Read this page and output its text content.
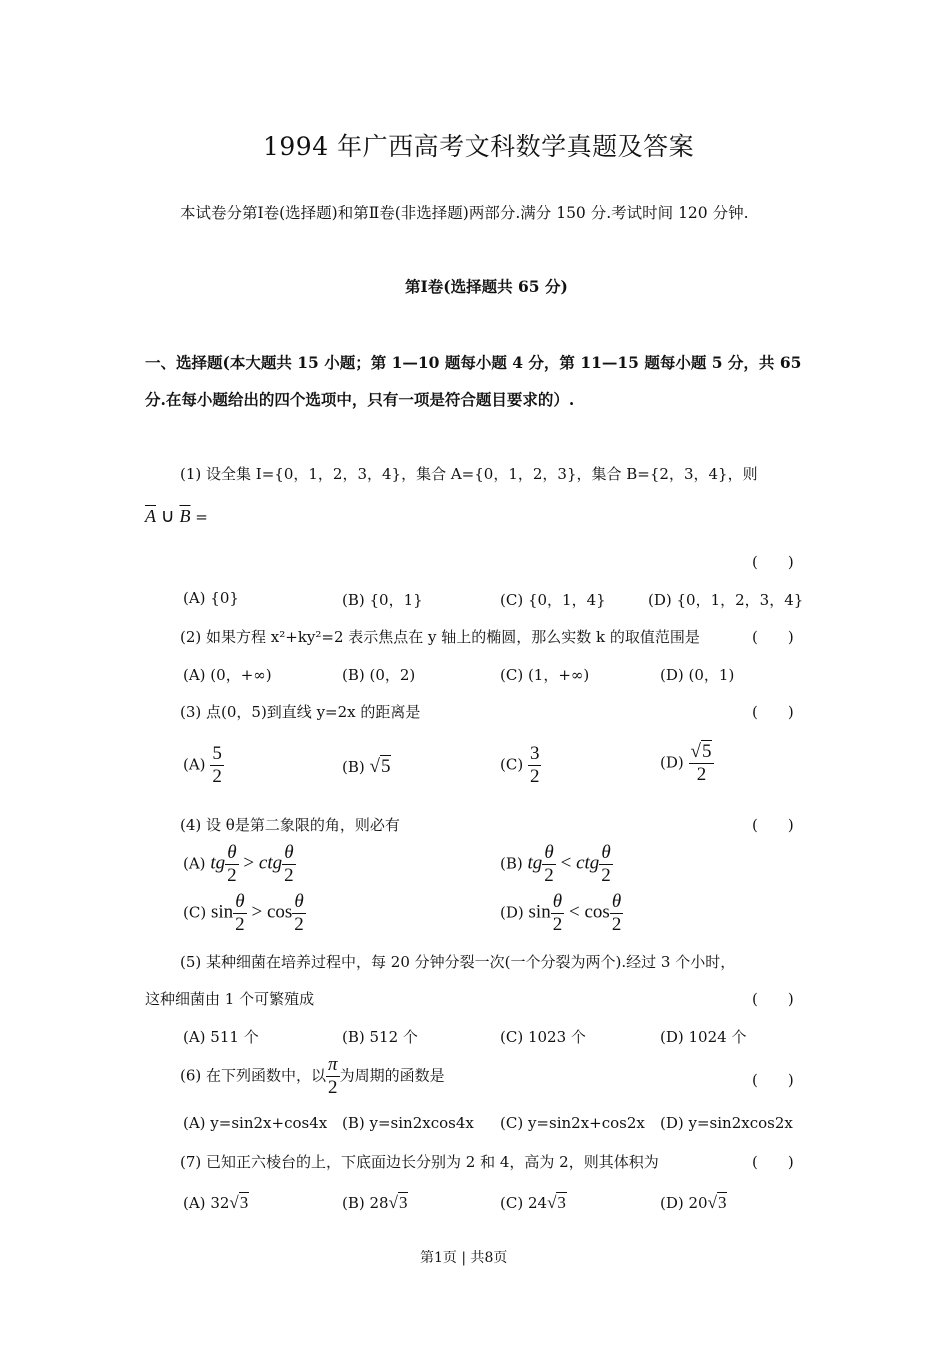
1994 年广西高考文科数学真题及答案
本试卷分第Ⅰ卷(选择题)和第Ⅱ卷(非选择题)两部分.满分 150 分.考试时间 120 分钟.
第Ⅰ卷(选择题共 65 分)
一、选择题(本大题共 15 小题；第 1—10 题每小题 4 分，第 11—15 题每小题 5 分，共 65
分.在每小题给出的四个选项中，只有一项是符合题目要求的）.
(1) 设全集 I={0，1，2，3，4}，集合 A={0，1，2，3}，集合 B={2，3，4}，则
$\overline{A}$ ∪ $\overline{B}$ =
(　　)
(A) {0}	(B) {0，1}	(C) {0，1，4}	(D) {0，1，2，3，4}
(2) 如果方程 x²+ky²=2 表示焦点在 y 轴上的椭圆，那么实数 k 的取值范围是	(　　)
(A) (0，+∞)	(B) (0，2)	(C) (1，+∞)	(D) (0，1)
(3) 点(0，5)到直线 y=2x 的距离是	(　　)
$(A) \frac{5}{2}$	(B) √5	$(C) \frac{3}{2}$	$(D) \frac{√5}{2}$
(4) 设 θ是第二象限的角，则必有	(　　)
(A) tg $\frac{\theta}{2}$ > ctg $\frac{\theta}{2}$	(B) tg $\frac{\theta}{2}$ < ctg $\frac{\theta}{2}$
(C) $\sin \frac{\theta}{2} > \cos \frac{\theta}{2}$	(D) $\sin \frac{\theta}{2} < \cos \frac{\theta}{2}$
(5) 某种细菌在培养过程中，每 20 分钟分裂一次(一个分裂为两个).经过 3 个小时，
这种细菌由 1 个可繁殖成	(　　)
(A) 511 个	(B) 512 个	(C) 1023 个	(D) 1024 个
(6) 在下列函数中，以 $\frac{\pi}{2}$ 为周期的函数是	(　　)
(A) y=sin2x+cos4x (B) y=sin2xcos4x (C) y=sin2x+cos2x (D) y=sin2xcos2x
(7) 已知正六棱台的上，下底面边长分别为 2 和 4，高为 2，则其体积为	(　　)
(A) 32√3	(B) 28√3	(C) 24√3	(D) 20√3
第1页 | 共8页
